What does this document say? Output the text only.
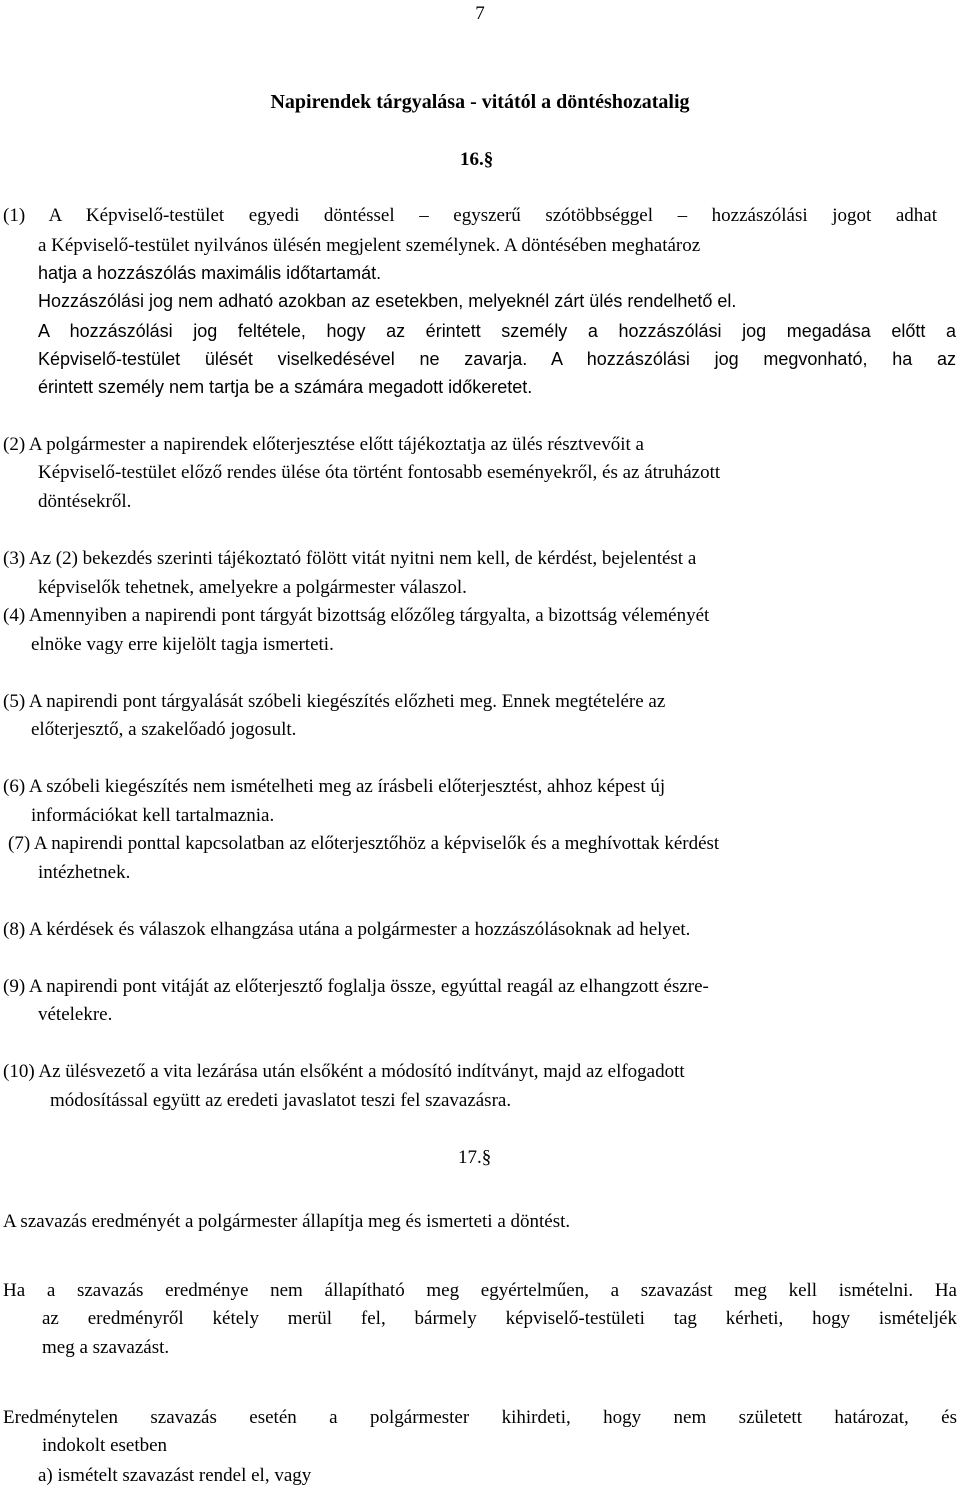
7
Napirendek tárgyalása - vitától a döntéshozatalig
16.§
(1) A Képviselő-testület egyedi döntéssel – egyszerű szótöbbséggel – hozzászólási jogot adhat
a Képviselő-testület nyilvános ülésén megjelent személynek. A döntésében meghatároz
hatja a hozzászólás maximális időtartamát.
Hozzászólási jog nem adható azokban az esetekben, melyeknél zárt ülés rendelhető el.
A hozzászólási jog feltétele, hogy az érintett személy a hozzászólási jog megadása előtt a
Képviselő-testület ülését viselkedésével ne zavarja. A hozzászólási jog megvonható, ha az
érintett személy nem tartja be a számára megadott időkeretet.
(2) A polgármester a napirendek előterjesztése előtt tájékoztatja az ülés résztvevőit a
Képviselő-testület előző rendes ülése óta történt fontosabb eseményekről, és az átruházott
döntésekről.
(3) Az (2) bekezdés szerinti tájékoztató fölött vitát nyitni nem kell, de kérdést, bejelentést a
képviselők tehetnek, amelyekre a polgármester válaszol.
(4) Amennyiben a napirendi pont tárgyát bizottság előzőleg tárgyalta, a bizottság véleményét
elnöke vagy erre kijelölt tagja ismerteti.
(5) A napirendi pont tárgyalását szóbeli kiegészítés előzheti meg. Ennek megtételére az
előterjesztő, a szakelőadó jogosult.
(6) A szóbeli kiegészítés nem ismételheti meg az írásbeli előterjesztést, ahhoz képest új
információkat kell tartalmaznia.
(7) A napirendi ponttal kapcsolatban az előterjesztőhöz a képviselők és a meghívottak kérdést
intézhetnek.
(8) A kérdések és válaszok elhangzása utána a polgármester a hozzászólásoknak ad helyet.
(9) A napirendi pont vitáját az előterjesztő foglalja össze, egyúttal reagál az elhangzott észre-
vételekre.
(10) Az ülésvezető a vita lezárása után elsőként a módosító indítványt, majd az elfogadott
módosítással együtt az eredeti javaslatot teszi fel szavazásra.
17.§
A szavazás eredményét a polgármester állapítja meg és ismerteti a döntést.
Ha a szavazás eredménye nem állapítható meg egyértelműen, a szavazást meg kell ismételni. Ha
az eredményről kétely merül fel, bármely képviselő-testületi tag kérheti, hogy ismételjék
meg a szavazást.
Eredménytelen szavazás esetén a polgármester kihirdeti, hogy nem született határozat, és
indokolt esetben
a) ismételt szavazást rendel el, vagy
